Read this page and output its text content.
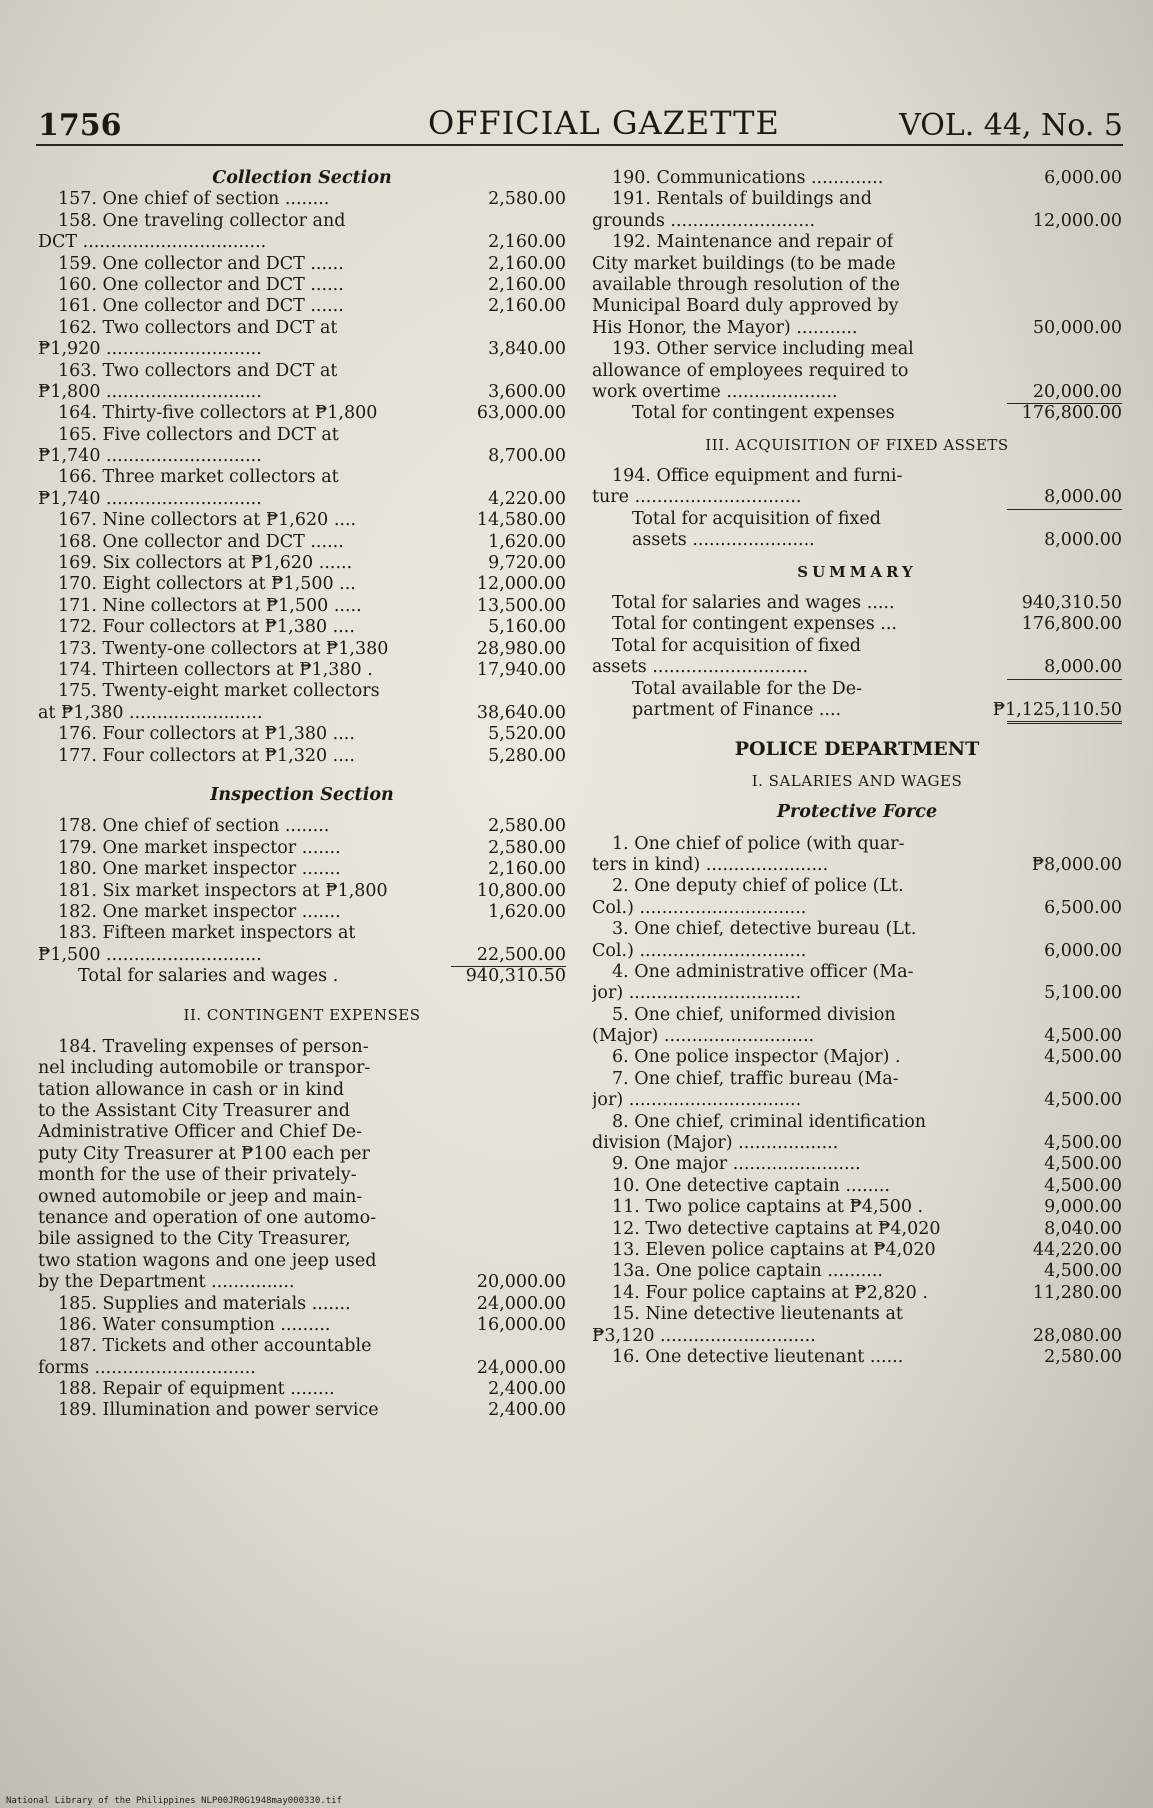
1756	OFFICIAL GAZETTE	VOL. 44, No. 5
Collection Section
157. One chief of section ........	2,580.00
158. One traveling collector and
DCT .................................	2,160.00
159. One collector and DCT ......	2,160.00
160. One collector and DCT ......	2,160.00
161. One collector and DCT ......	2,160.00
162. Two collectors and DCT at
₱1,920 ............................	3,840.00
163. Two collectors and DCT at
₱1,800 ............................	3,600.00
164. Thirty-five collectors at ₱1,800	63,000.00
165. Five collectors and DCT at
₱1,740 ............................	8,700.00
166. Three market collectors at
₱1,740 ............................	4,220.00
167. Nine collectors at ₱1,620 ....	14,580.00
168. One collector and DCT ......	1,620.00
169. Six collectors at ₱1,620 ......	9,720.00
170. Eight collectors at ₱1,500 ...	12,000.00
171. Nine collectors at ₱1,500 .....	13,500.00
172. Four collectors at ₱1,380 ....	5,160.00
173. Twenty-one collectors at ₱1,380	28,980.00
174. Thirteen collectors at ₱1,380 .	17,940.00
175. Twenty-eight market collectors
at ₱1,380 ........................	38,640.00
176. Four collectors at ₱1,380 ....	5,520.00
177. Four collectors at ₱1,320 ....	5,280.00
Inspection Section
178. One chief of section ........	2,580.00
179. One market inspector .......	2,580.00
180. One market inspector .......	2,160.00
181. Six market inspectors at ₱1,800	10,800.00
182. One market inspector .......	1,620.00
183. Fifteen market inspectors at
₱1,500 ............................	22,500.00
Total for salaries and wages .	940,310.50
II. CONTINGENT EXPENSES
184. Traveling expenses of person-
nel including automobile or transpor-
tation allowance in cash or in kind
to the Assistant City Treasurer and
Administrative Officer and Chief De-
puty City Treasurer at ₱100 each per
month for the use of their privately-
owned automobile or jeep and main-
tenance and operation of one automo-
bile assigned to the City Treasurer,
two station wagons and one jeep used
by the Department ...............	20,000.00
185. Supplies and materials .......	24,000.00
186. Water consumption .........	16,000.00
187. Tickets and other accountable
forms .............................	24,000.00
188. Repair of equipment ........	2,400.00
189. Illumination and power service	2,400.00
190. Communications .............	6,000.00
191. Rentals of buildings and
grounds ..........................	12,000.00
192. Maintenance and repair of
City market buildings (to be made
available through resolution of the
Municipal Board duly approved by
His Honor, the Mayor) ...........	50,000.00
193. Other service including meal
allowance of employees required to
work overtime ....................	20,000.00
Total for contingent expenses	176,800.00
III. ACQUISITION OF FIXED ASSETS
194. Office equipment and furni-
ture ..............................	8,000.00
Total for acquisition of fixed
assets ......................	8,000.00
SUMMARY
Total for salaries and wages .....	940,310.50
Total for contingent expenses ...	176,800.00
Total for acquisition of fixed
assets ............................	8,000.00
Total available for the De-
partment of Finance ....	₱1,125,110.50
POLICE DEPARTMENT
I. SALARIES AND WAGES
Protective Force
1. One chief of police (with quar-
ters in kind) ......................	₱8,000.00
2. One deputy chief of police (Lt.
Col.) ..............................	6,500.00
3. One chief, detective bureau (Lt.
Col.) ..............................	6,000.00
4. One administrative officer (Ma-
jor) ...............................	5,100.00
5. One chief, uniformed division
(Major) ...........................	4,500.00
6. One police inspector (Major) .	4,500.00
7. One chief, traffic bureau (Ma-
jor) ...............................	4,500.00
8. One chief, criminal identification
division (Major) ..................	4,500.00
9. One major .......................	4,500.00
10. One detective captain ........	4,500.00
11. Two police captains at ₱4,500 .	9,000.00
12. Two detective captains at ₱4,020	8,040.00
13. Eleven police captains at ₱4,020	44,220.00
13a. One police captain ..........	4,500.00
14. Four police captains at ₱2,820 .	11,280.00
15. Nine detective lieutenants at
₱3,120 ............................	28,080.00
16. One detective lieutenant ......	2,580.00
National Library of the Philippines NLP00JR0G1948may000330.tif
